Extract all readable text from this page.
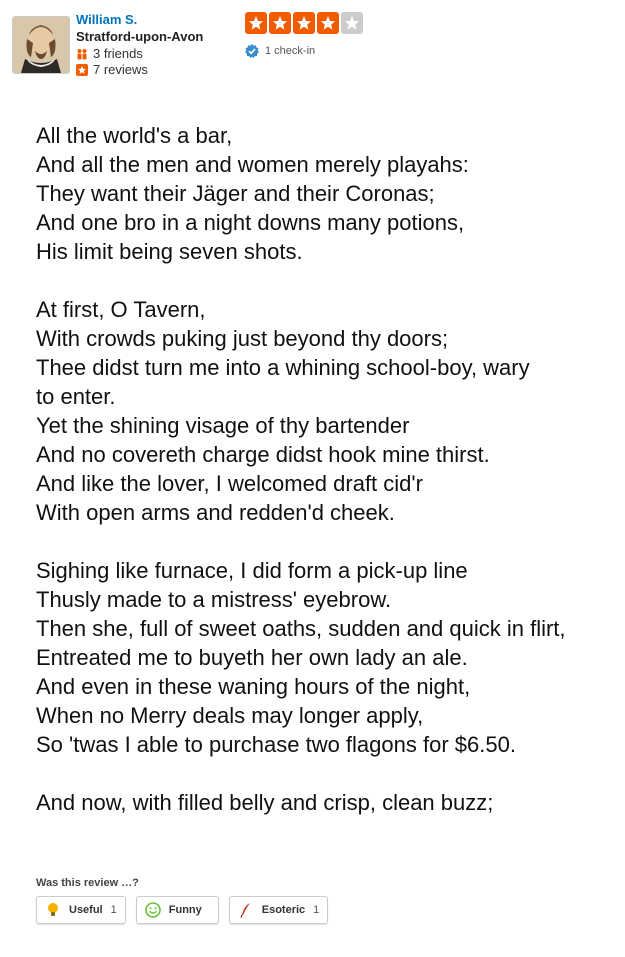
William S.
Stratford-upon-Avon
3 friends
7 reviews
1 check-in
All the world's a bar,
And all the men and women merely playahs:
They want their Jäger and their Coronas;
And one bro in a night downs many potions,
His limit being seven shots.
At first, O Tavern,
With crowds puking just beyond thy doors;
Thee didst turn me into a whining school-boy, wary
to enter.
Yet the shining visage of thy bartender
And no covereth charge didst hook mine thirst.
And like the lover, I welcomed draft cid'r
With open arms and redden'd cheek.
Sighing like furnace, I did form a pick-up line
Thusly made to a mistress' eyebrow.
Then she, full of sweet oaths, sudden and quick in flirt,
Entreated me to buyeth her own lady an ale.
And even in these waning hours of the night,
When no Merry deals may longer apply,
So 'twas I able to purchase two flagons for $6.50.
And now, with filled belly and crisp, clean buzz;
Was this review …?
Useful 1	Funny	Esoteric 1
